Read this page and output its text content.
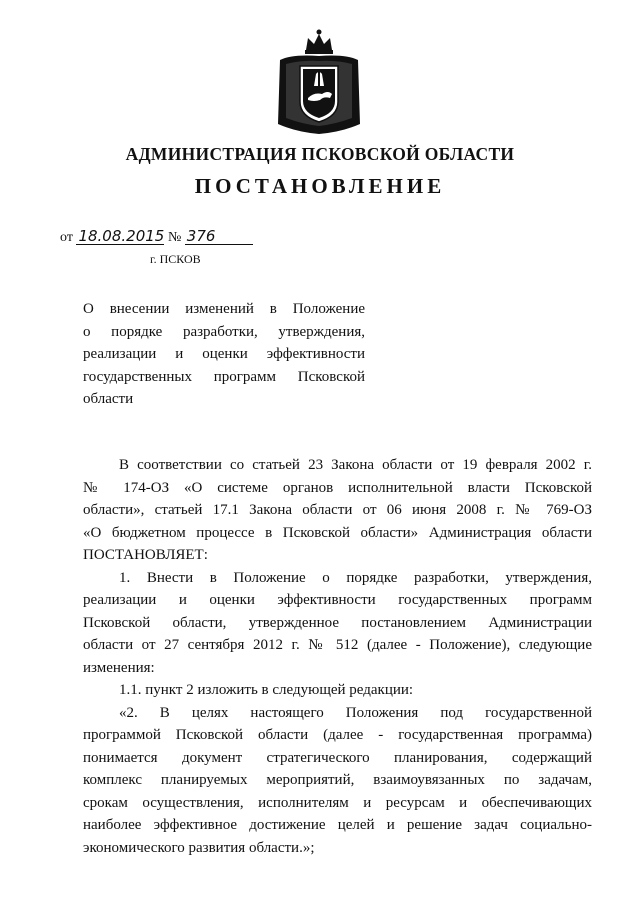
АДМИНИСТРАЦИЯ ПСКОВСКОЙ ОБЛАСТИ
ПОСТАНОВЛЕНИЕ
от 18.08.2015 № 376
г. ПСКОВ
О внесении изменений в Положение
о порядке разработки, утверждения,
реализации и оценки эффективности
государственных программ Псковской
области
В соответствии со статьей 23 Закона области от 19 февраля 2002 г.
№ 174-ОЗ «О системе органов исполнительной власти Псковской
области», статьей 17.1 Закона области от 06 июня 2008 г. № 769-ОЗ
«О бюджетном процессе в Псковской области» Администрация области
ПОСТАНОВЛЯЕТ:
1. Внести в Положение о порядке разработки, утверждения,
реализации и оценки эффективности государственных программ
Псковской области, утвержденное постановлением Администрации
области от 27 сентября 2012 г. № 512 (далее - Положение), следующие
изменения:
1.1. пункт 2 изложить в следующей редакции:
«2. В целях настоящего Положения под государственной
программой Псковской области (далее - государственная программа)
понимается документ стратегического планирования, содержащий
комплекс планируемых мероприятий, взаимоувязанных по задачам,
срокам осуществления, исполнителям и ресурсам и обеспечивающих
наиболее эффективное достижение целей и решение задач социально-
экономического развития области.»;
